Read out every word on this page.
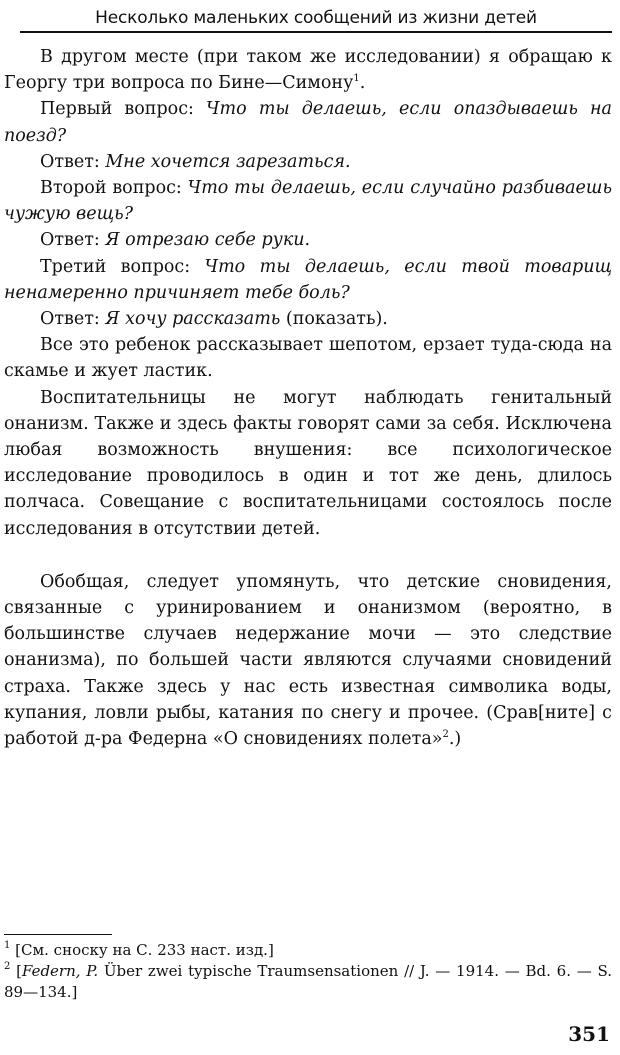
Несколько маленьких сообщений из жизни детей

В другом месте (при таком же исследовании) я обращаю к Георгу три вопроса по Бине—Симону$^1$.

Первый вопрос: Что ты делаешь, если опаздываешь на поезд?

Ответ: Мне хочется зарезаться.

Второй вопрос: Что ты делаешь, если случайно разбиваешь чужую вещь?

Ответ: Я отрезаю себе руки.

Третий вопрос: Что ты делаешь, если твой товарищ ненамеренно причиняет тебе боль?

Ответ: Я хочу рассказать (показать).

Все это ребенок рассказывает шепотом, ерзает туда-сюда на скамье и жует ластик.

Воспитательницы не могут наблюдать генитальный онанизм. Также и здесь факты говорят сами за себя. Исключена любая возможность внушения: все психологическое исследование проводилось в один и тот же день, длилось полчаса. Совещание с воспитательницами состоялось после исследования в отсутствии детей.

Обобщая, следует упомянуть, что детские сновидения, связанные с уринированием и онанизмом (вероятно, в большинстве случаев недержание мочи — это следствие онанизма), по большей части являются случаями сновидений страха. Также здесь у нас есть известная символика воды, купания, ловли рыбы, катания по снегу и прочее. (Срав[ните] с работой д-ра Федерна «О сновидениях полета»$^2$.)

$^1$ [См. сноску на С. 233 наст. изд.]

$^2$ [Federn, P. Über zwei typische Traumsensationen // J. — 1914. — Bd. 6. — S. 89—134.]

351
